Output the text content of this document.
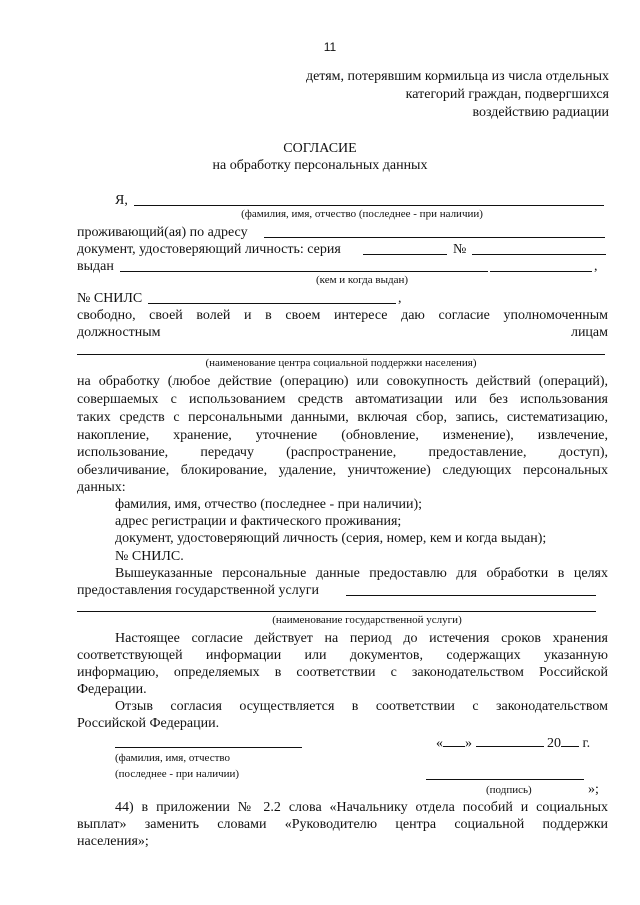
11
детям, потерявшим кормильца из числа отдельных
категорий граждан, подвергшихся
воздействию радиации
СОГЛАСИЕ
на обработку персональных данных
Я,
(фамилия, имя, отчество (последнее - при наличии)
проживающий(ая) по адресу
документ, удостоверяющий личность: серия	№
выдан	,
(кем и когда выдан)
№ СНИЛС	,
свободно, своей волей и в своем интересе даю согласие уполномоченным
должностным	лицам
(наименование центра социальной поддержки населения)
на обработку (любое действие (операцию) или совокупность действий (операций),
совершаемых с использованием средств автоматизации или без использования
таких средств с персональными данными, включая сбор, запись, систематизацию,
накопление, хранение, уточнение (обновление, изменение), извлечение,
использование, передачу (распространение, предоставление, доступ),
обезличивание, блокирование, удаление, уничтожение) следующих персональных
данных:
фамилия, имя, отчество (последнее - при наличии);
адрес регистрации и фактического проживания;
документ, удостоверяющий личность (серия, номер, кем и когда выдан);
№ СНИЛС.
Вышеуказанные персональные данные предоставлю для обработки в целях
предоставления государственной услуги
(наименование государственной услуги)
Настоящее согласие действует на период до истечения сроков хранения
соответствующей информации или документов, содержащих указанную
информацию, определяемых в соответствии с законодательством Российской
Федерации.
Отзыв согласия осуществляется в соответствии с законодательством
Российской Федерации.
« »	20 г.
(фамилия, имя, отчество
(последнее - при наличии)
(подпись)	»;
44) в приложении № 2.2 слова «Начальнику отдела пособий и социальных
выплат» заменить словами «Руководителю центра социальной поддержки
населения»;
